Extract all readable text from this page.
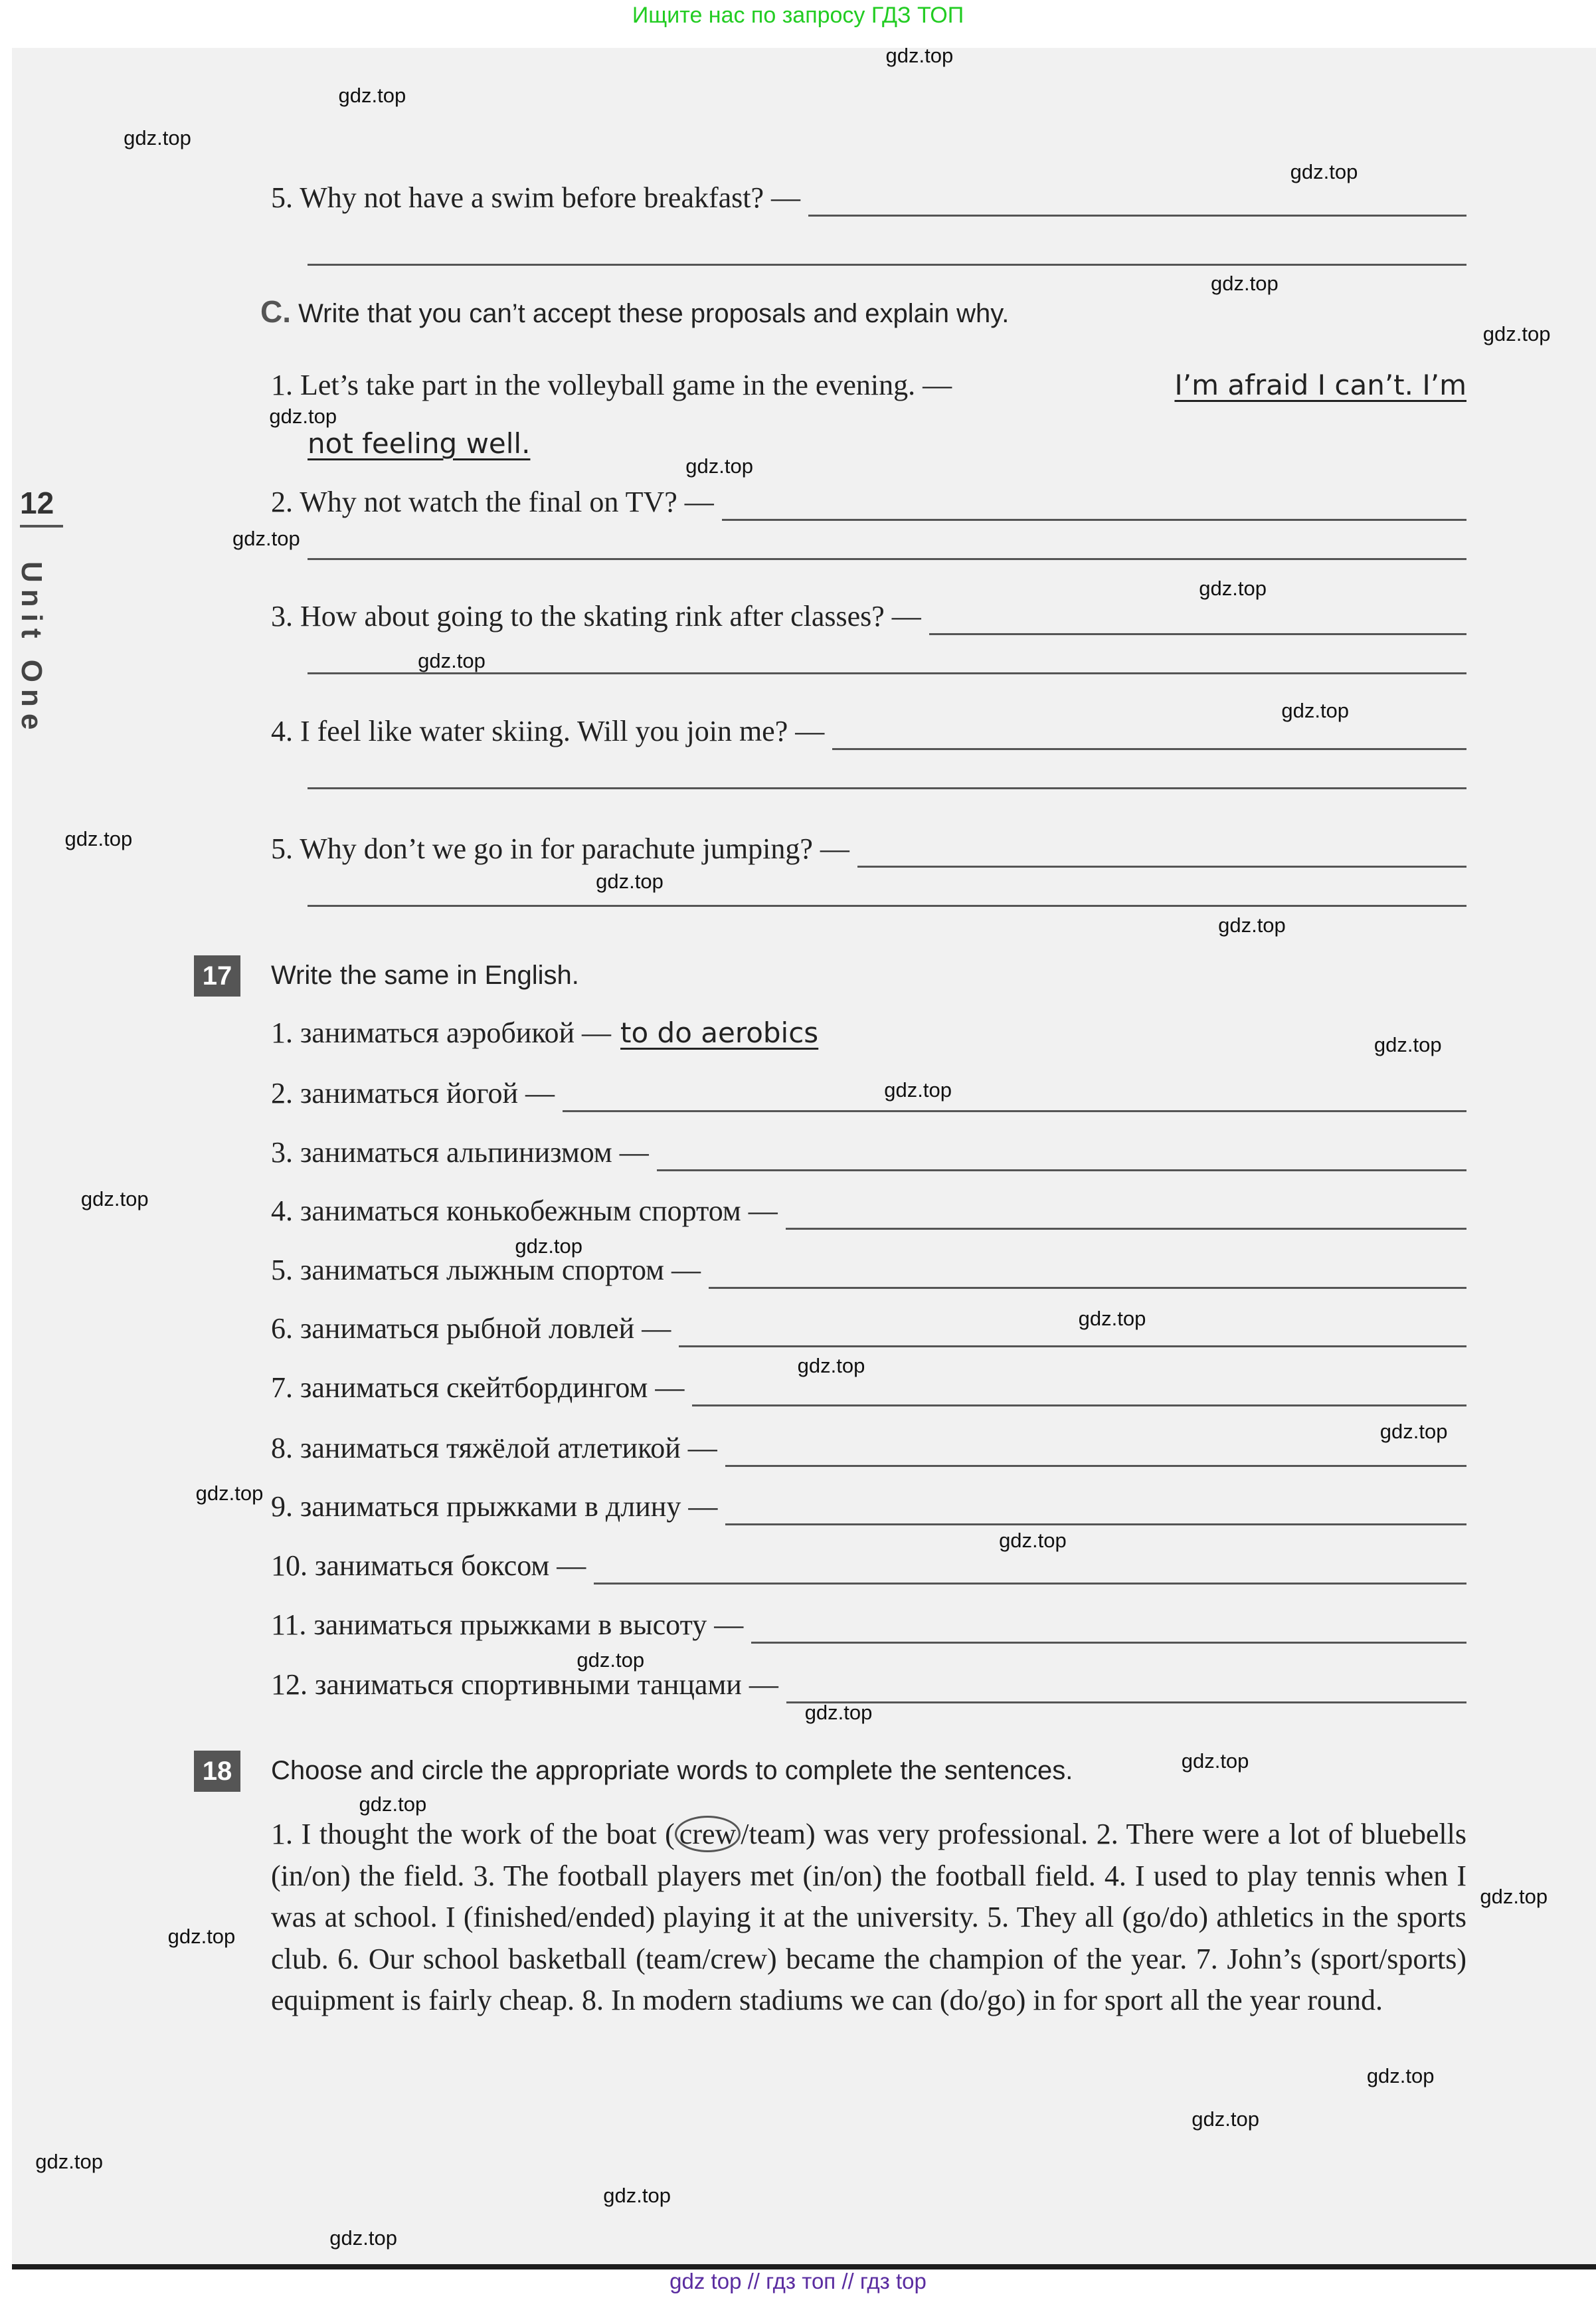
Ищите нас по запросу ГДЗ ТОП
12
Unit One
5. Why not have a swim before breakfast? —
C. Write that you can’t accept these proposals and explain why.
1. Let’s take part in the volleyball game in the evening. —	I’m afraid I can’t. I’m
not feeling well.
2. Why not watch the final on TV? —
3. How about going to the skating rink after classes? —
4. I feel like water skiing. Will you join me? —
5. Why don’t we go in for parachute jumping? —
17	Write the same in English.
1. заниматься аэробикой — to do aerobics
2. заниматься йогой —
3. заниматься альпинизмом —
4. заниматься конькобежным спортом —
5. заниматься лыжным спортом —
6. заниматься рыбной ловлей —
7. заниматься скейтбордингом —
8. заниматься тяжёлой атлетикой —
9. заниматься прыжками в длину —
10. заниматься боксом —
11. заниматься прыжками в высоту —
12. заниматься спортивными танцами —
18	Choose and circle the appropriate words to complete the sentences.
1. I thought the work of the boat ( crew /team) was very professional. 2. There were a lot of bluebells (in/on) the field. 3. The football players met (in/on) the football field. 4. I used to play tennis when I was at school. I (finished/ended) playing it at the university. 5. They all (go/do) athletics in the sports club. 6. Our school basketball (team/crew) became the champion of the year. 7. John’s (sport/sports) equipment is fairly cheap. 8. In modern stadiums we can (do/go) in for sport all the year round.
gdz top // гдз топ // гдз top
gdz.top
gdz.top
gdz.top
gdz.top
gdz.top
gdz.top
gdz.top
gdz.top
gdz.top
gdz.top
gdz.top
gdz.top
gdz.top
gdz.top
gdz.top
gdz.top
gdz.top
gdz.top
gdz.top
gdz.top
gdz.top
gdz.top
gdz.top
gdz.top
gdz.top
gdz.top
gdz.top
gdz.top
gdz.top
gdz.top
gdz.top
gdz.top
gdz.top
gdz.top
gdz.top
